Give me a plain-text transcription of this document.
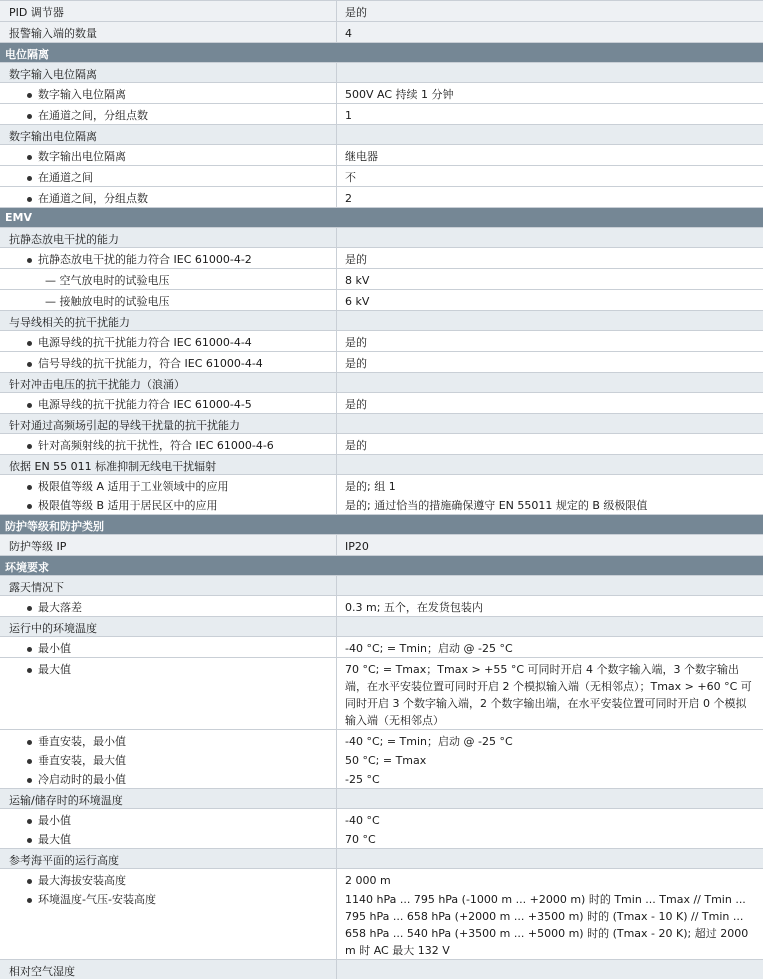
PID 调节器	是的
报警输入端的数量	4
电位隔离
数字输入电位隔离
数字输入电位隔离	500V AC 持续 1 分钟
在通道之间，分组点数	1
数字输出电位隔离
数字输出电位隔离	继电器
在通道之间	不
在通道之间，分组点数	2
EMV
抗静态放电干扰的能力
抗静态放电干扰的能力符合 IEC 61000-4-2	是的
— 空气放电时的试验电压	8 kV
— 接触放电时的试验电压	6 kV
与导线相关的抗干扰能力
电源导线的抗干扰能力符合 IEC 61000-4-4	是的
信号导线的抗干扰能力，符合 IEC 61000-4-4	是的
针对冲击电压的抗干扰能力（浪涌）
电源导线的抗干扰能力符合 IEC 61000-4-5	是的
针对通过高频场引起的导线干扰量的抗干扰能力
针对高频射线的抗干扰性，符合 IEC 61000-4-6	是的
依据 EN 55 011 标准抑制无线电干扰辐射
极限值等级 A 适用于工业领域中的应用	是的; 组 1
极限值等级 B 适用于居民区中的应用	是的; 通过恰当的措施确保遵守 EN 55011 规定的 B 级极限值
防护等级和防护类别
防护等级 IP	IP20
环境要求
露天情况下
最大落差	0.3 m; 五个，在发货包装内
运行中的环境温度
最小值	-40 °C; = Tmin；启动 @ -25 °C
最大值	70 °C; = Tmax；Tmax > +55 °C 可同时开启 4 个数字输入端，3 个数字输出端，在水平安装位置可同时开启 2 个模拟输入端（无相邻点）；Tmax > +60 °C 可同时开启 3 个数字输入端，2 个数字输出端，在水平安装位置可同时开启 0 个模拟输入端（无相邻点）
垂直安装，最小值	-40 °C; = Tmin；启动 @ -25 °C
垂直安装，最大值	50 °C; = Tmax
冷启动时的最小值	-25 °C
运输/储存时的环境温度
最小值	-40 °C
最大值	70 °C
参考海平面的运行高度
最大海拔安装高度	2 000 m
环境温度-气压-安装高度	1140 hPa ... 795 hPa (-1000 m ... +2000 m) 时的 Tmin ... Tmax // Tmin ... 795 hPa ... 658 hPa (+2000 m ... +3500 m) 时的 (Tmax - 10 K) // Tmin ... 658 hPa ... 540 hPa (+3500 m ... +5000 m) 时的 (Tmax - 20 K); 超过 2000 m 时 AC 最大 132 V
相对空气湿度
